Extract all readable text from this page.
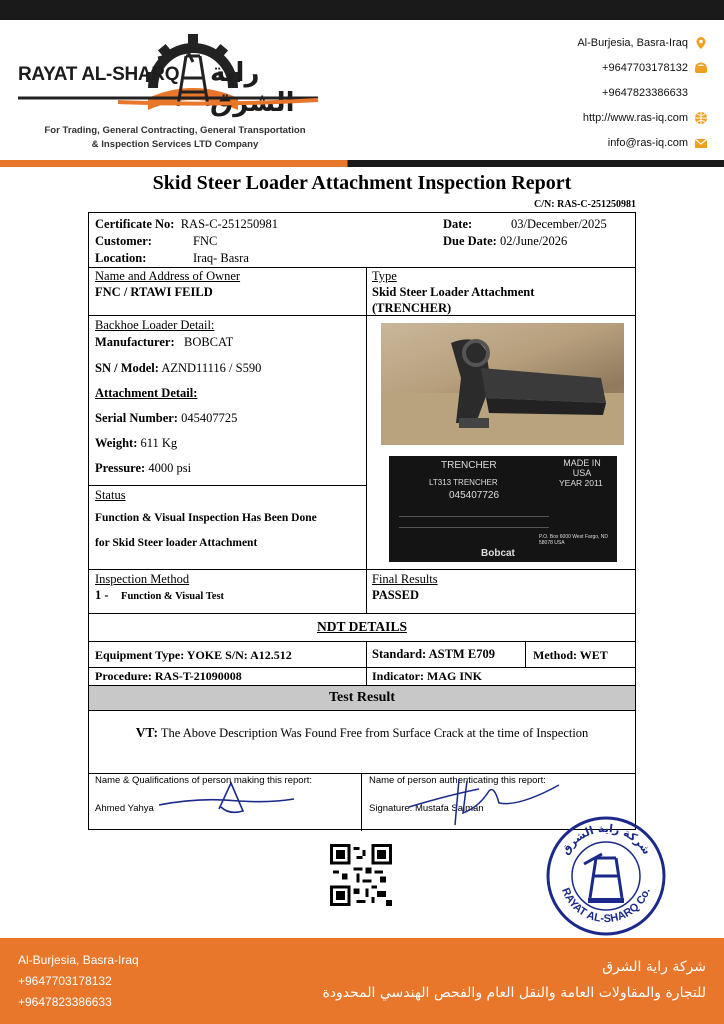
RAYAT AL-SHARQ راية الشرق
For Trading, General Contracting, General Transportation
& Inspection Services LTD Company
Al-Burjesia, Basra-Iraq
+9647703178132
+9647823386633
http://www.ras-iq.com
info@ras-iq.com
Skid Steer Loader Attachment Inspection Report
C/N: RAS-C-251250981
Certificate No: RAS-C-251250981
Customer:	FNC
Location:	Iraq- Basra
Date:	03/December/2025
Due Date: 02/June/2026
Name and Address of Owner
FNC / RTAWI FEILD
Type
Skid Steer Loader Attachment
(TRENCHER)
Backhoe Loader Detail:
Manufacturer: BOBCAT
SN / Model: AZND11116 / S590
Attachment Detail:
Serial Number: 045407725
Weight: 611 Kg
Pressure: 4000 psi	TRENCHER	MADE IN USA
LT313 TRENCHER	YEAR 2011
045407726
P.O. Box 6000 West Fargo, ND 58078 USA
Bobcat
Status
Function & Visual Inspection Has Been Done
for Skid Steer loader Attachment
Inspection Method
1 - Function & Visual Test
Final Results
PASSED
NDT DETAILS
Equipment Type: YOKE S/N: A12.512	Standard: ASTM E709	Method: WET
Procedure: RAS-T-21090008	Indicator: MAG INK
Test Result
VT: The Above Description Was Found Free from Surface Crack at the time of Inspection
Name & Qualifications of person making this report:
Ahmed Yahya
Name of person authenticating this report:
Signature: Mustafa Salman
شركة راية الشرق
RAYAT AL-SHARQ Co.
Al-Burjesia, Basra-Iraq
+9647703178132
+9647823386633
شركة راية الشرق
للتجارة والمقاولات العامة والنقل العام والفحص الهندسي المحدودة
